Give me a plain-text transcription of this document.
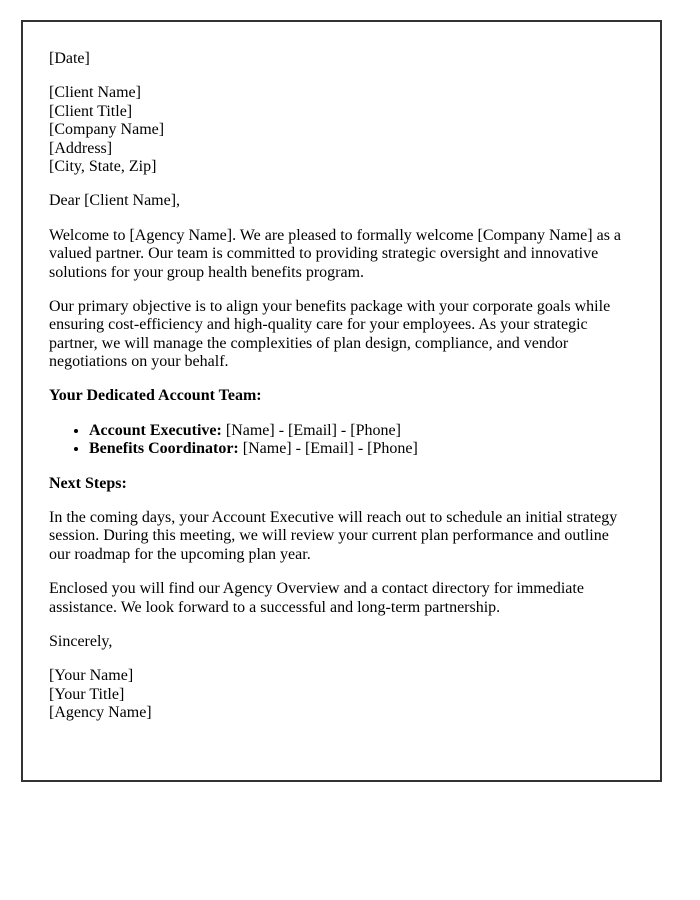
[Date]

[Client Name]
[Client Title]
[Company Name]
[Address]
[City, State, Zip]

Dear [Client Name],

Welcome to [Agency Name]. We are pleased to formally welcome [Company Name] as a valued partner. Our team is committed to providing strategic oversight and innovative solutions for your group health benefits program.

Our primary objective is to align your benefits package with your corporate goals while ensuring cost-efficiency and high-quality care for your employees. As your strategic partner, we will manage the complexities of plan design, compliance, and vendor negotiations on your behalf.

Your Dedicated Account Team:

• Account Executive: [Name] - [Email] - [Phone]
• Benefits Coordinator: [Name] - [Email] - [Phone]

Next Steps:

In the coming days, your Account Executive will reach out to schedule an initial strategy session. During this meeting, we will review your current plan performance and outline our roadmap for the upcoming plan year.

Enclosed you will find our Agency Overview and a contact directory for immediate assistance. We look forward to a successful and long-term partnership.

Sincerely,

[Your Name]
[Your Title]
[Agency Name]
